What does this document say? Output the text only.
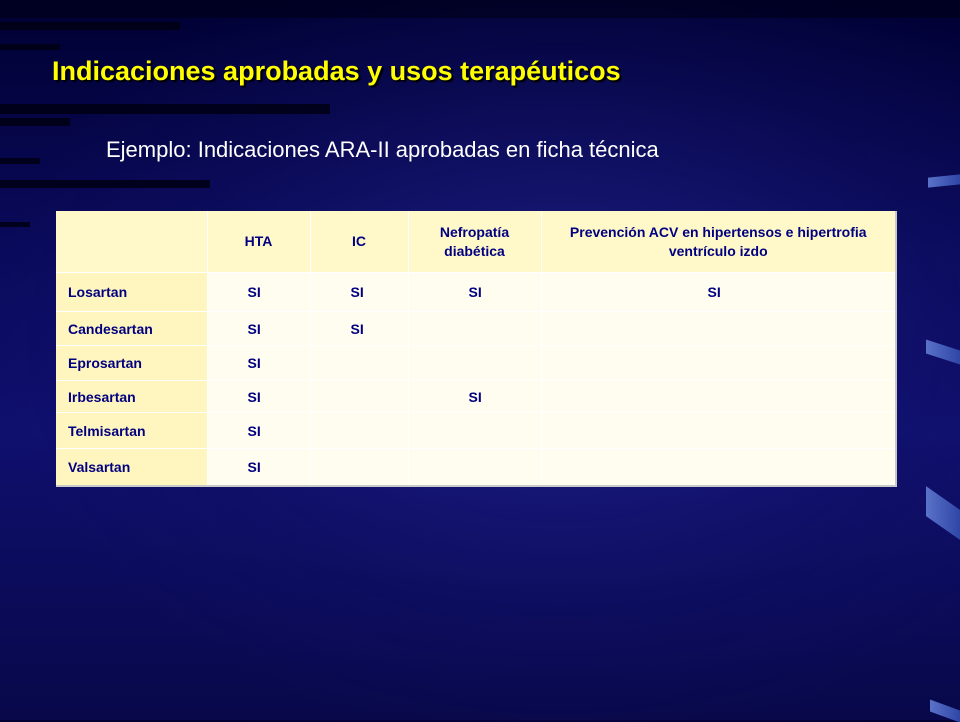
Indicaciones aprobadas y usos terapéuticos
Ejemplo: Indicaciones ARA-II aprobadas en ficha técnica
	HTA	IC	Nefropatía diabética	Prevención ACV en hipertensos e hipertrofia ventrículo izdo
Losartan	SI	SI	SI	SI
Candesartan	SI	SI		
Eprosartan	SI			
Irbesartan	SI		SI	
Telmisartan	SI			
Valsartan	SI			
